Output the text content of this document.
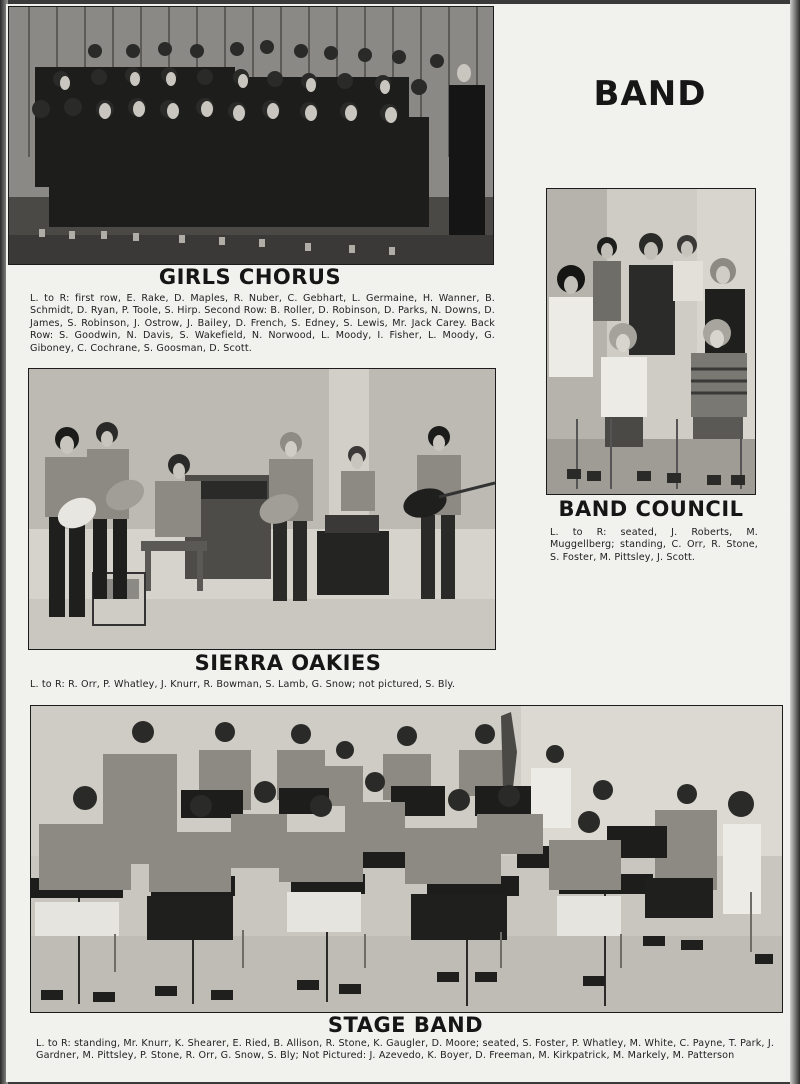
BAND
GIRLS CHORUS
L. to R: first row, E. Rake, D. Maples, R. Nuber, C. Gebhart, L. Germaine, H. Wanner, B. Schmidt, D. Ryan, P. Toole, S. Hirp. Second Row: B. Roller, D. Robinson, D. Parks, N. Downs, D. James, S. Robinson, J. Ostrow, J. Bailey, D. French, S. Edney, S. Lewis, Mr. Jack Carey. Back Row: S. Goodwin, N. Davis, S. Wakefield, N. Norwood, L. Moody, I. Fisher, L. Moody, G. Giboney, C. Cochrane, S. Goosman, D. Scott.
BAND COUNCIL
L. to R: seated, J. Roberts, M. Muggellberg; standing, C. Orr, R. Stone, S. Foster, M. Pittsley, J. Scott.
SIERRA OAKIES
L. to R: R. Orr, P. Whatley, J. Knurr, R. Bowman, S. Lamb, G. Snow; not pictured, S. Bly.
STAGE BAND
L. to R: standing, Mr. Knurr, K. Shearer, E. Ried, B. Allison, R. Stone, K. Gaugler, D. Moore; seated, S. Foster, P. Whatley, M. White, C. Payne, T. Park, J. Gardner, M. Pittsley, P. Stone, R. Orr, G. Snow, S. Bly; Not Pictured: J. Azevedo, K. Boyer, D. Freeman, M. Kirkpatrick, M. Markely, M. Patterson
